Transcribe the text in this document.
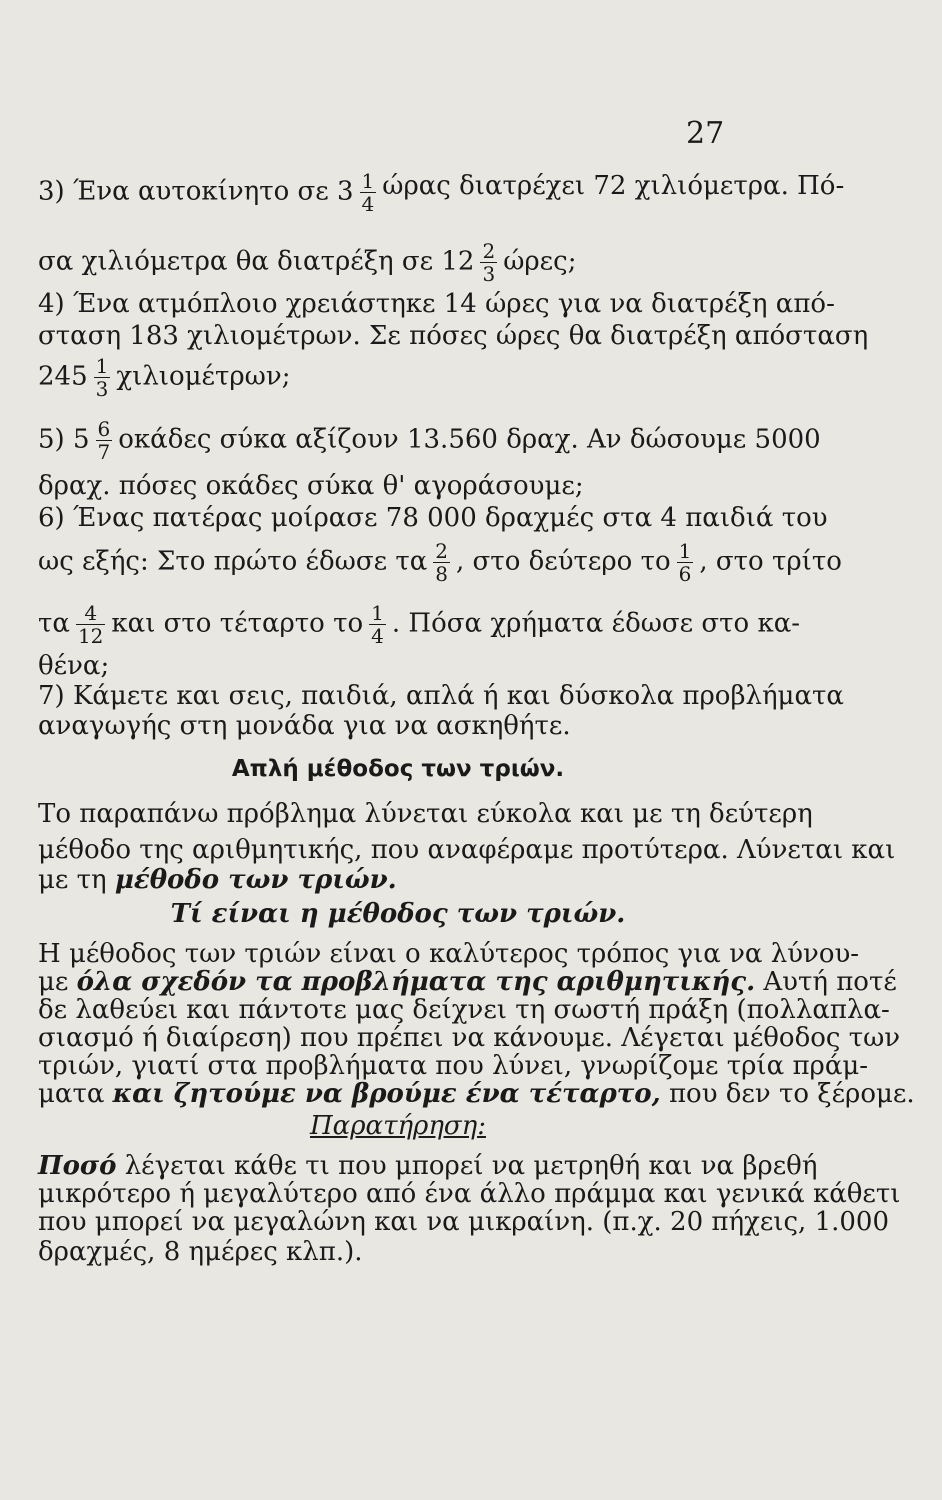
27
3) Ένα αυτοκίνητο σε $3 \frac{1}{4}$ ώρας διατρέχει 72 χιλιόμετρα. Πό-
σα χιλιόμετρα θα διατρέξη σε $12 \frac{2}{3} ώ\rho\varepsilon\varsigma$;
4) Ένα ατμόπλοιο χρειάστηκε 14 ώρες για να διατρέξη από-
σταση 183 χιλιομέτρων. Σε πόσες ώρες θα διατρέξη απόσταση
$245 \frac{1}{3} \chi\iota\lambda\iota o\mu έ\tau\rho\omega\nu$;
5) $5 \frac{6}{7}$ οκάδες σύκα αξίζουν 13.560 δραχ. Αν δώσουμε 5000
δραχ. πόσες οκάδες σύκα θ' αγοράσουμε;
6) Ένας πατέρας μοίρασε 78 000 δραχμές στα 4 παιδιά του
ως εξής: Στο πρώτο έδωσε τα $\frac{2}{8}$ , στο δεύτερο το $\frac{1}{6}$ , στο τρίτο
τα $\frac{4}{12}$ και στο τέταρτο το $\frac{1}{4}$ . Πόσα χρήματα έδωσε στο κα-
θένα;
7) Κάμετε και σεις, παιδιά, απλά ή και δύσκολα προβλήματα
αναγωγής στη μονάδα για να ασκηθήτε.
Απλή μέθοδος των τριών.
Το παραπάνω πρόβλημα λύνεται εύκολα και με τη δεύτερη
μέθοδο της αριθμητικής, που αναφέραμε προτύτερα. Λύνεται και
με τη μέθοδο των τριών.
Τί είναι η μέθοδος των τριών.
Η μέθοδος των τριών είναι ο καλύτερος τρόπος για να λύνου-
με όλα σχεδόν τα προβλήματα της αριθμητικής. Αυτή ποτέ
δε λαθεύει και πάντοτε μας δείχνει τη σωστή πράξη (πολλαπλα-
σιασμό ή διαίρεση) που πρέπει να κάνουμε. Λέγεται μέθοδος των
τριών, γιατί στα προβλήματα που λύνει, γνωρίζομε τρία πράμ-
ματα και ζητούμε να βρούμε ένα τέταρτο, που δεν το ξέρομε.
Παρατήρηση:
Ποσό λέγεται κάθε τι που μπορεί να μετρηθή και να βρεθή
μικρότερο ή μεγαλύτερο από ένα άλλο πράμμα και γενικά κάθετι
που μπορεί να μεγαλώνη και να μικραίνη. (π.χ. 20 πήχεις, 1.000
δραχμές, 8 ημέρες κλπ.).
